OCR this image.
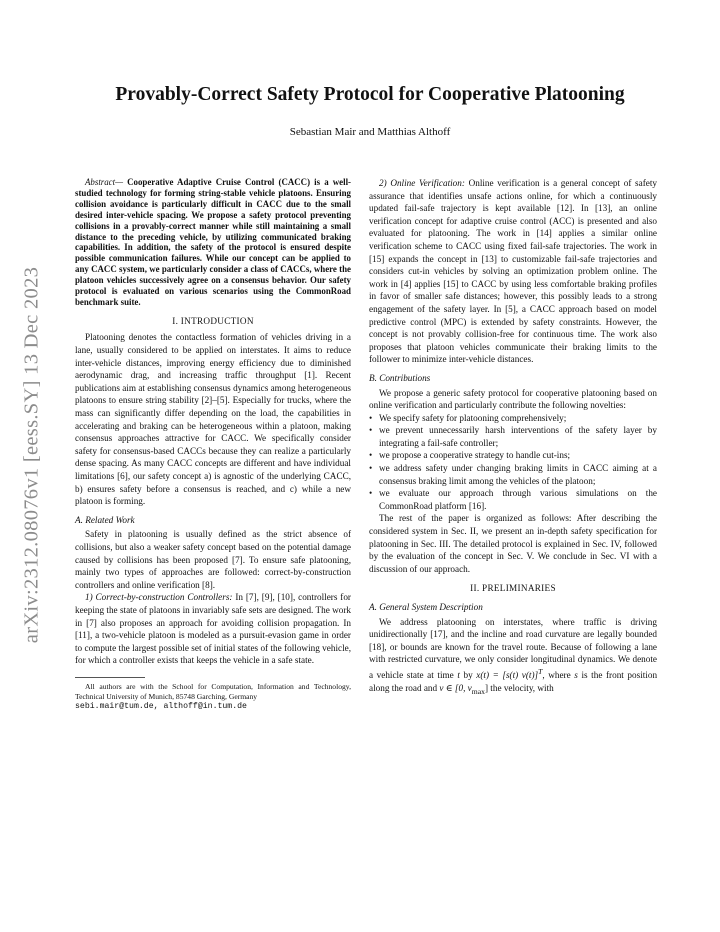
arXiv:2312.08076v1 [eess.SY] 13 Dec 2023
Provably-Correct Safety Protocol for Cooperative Platooning
Sebastian Mair and Matthias Althoff

Abstract— Cooperative Adaptive Cruise Control (CACC) is a well-studied technology for forming string-stable vehicle platoons. Ensuring collision avoidance is particularly difficult in CACC due to the small desired inter-vehicle spacing. We propose a safety protocol preventing collisions in a provably-correct manner while still maintaining a small distance to the preceding vehicle, by utilizing communicated braking capabilities. In addition, the safety of the protocol is ensured despite possible communication failures. While our concept can be applied to any CACC system, we particularly consider a class of CACCs, where the platoon vehicles successively agree on a consensus behavior. Our safety protocol is evaluated on various scenarios using the CommonRoad benchmark suite.

I. INTRODUCTION

Platooning denotes the contactless formation of vehicles driving in a lane, usually considered to be applied on interstates. It aims to reduce inter-vehicle distances, improving energy efficiency due to diminished aerodynamic drag, and increasing traffic throughput [1]. Recent publications aim at establishing consensus dynamics among heterogeneous platoons to ensure string stability [2]–[5]. Especially for trucks, where the mass can significantly differ depending on the load, the capabilities in accelerating and braking can be heterogeneous within a platoon, making consensus approaches attractive for CACC. We specifically consider safety for consensus-based CACCs because they can realize a particularly dense spacing. As many CACC concepts are different and have individual limitations [6], our safety concept a) is agnostic of the underlying CACC, b) ensures safety before a consensus is reached, and c) while a new platoon is forming.

A. Related Work

Safety in platooning is usually defined as the strict absence of collisions, but also a weaker safety concept based on the potential damage caused by collisions has been proposed [7]. To ensure safe platooning, mainly two types of approaches are followed: correct-by-construction controllers and online verification [8].

1) Correct-by-construction Controllers: In [7], [9], [10], controllers for keeping the state of platoons in invariably safe sets are designed. The work in [7] also proposes an approach for avoiding collision propagation. In [11], a two-vehicle platoon is modeled as a pursuit-evasion game in order to compute the largest possible set of initial states of the following vehicle, for which a controller exists that keeps the vehicle in a safe state.

All authors are with the School for Computation, Information and Technology, Technical University of Munich, 85748 Garching, Germany
sebi.mair@tum.de, althoff@in.tum.de

2) Online Verification: Online verification is a general concept of safety assurance that identifies unsafe actions online, for which a continuously updated fail-safe trajectory is kept available [12]. In [13], an online verification concept for adaptive cruise control (ACC) is presented and also evaluated for platooning. The work in [14] applies a similar online verification scheme to CACC using fixed fail-safe trajectories. The work in [15] expands the concept in [13] to customizable fail-safe trajectories and considers cut-in vehicles by solving an optimization problem online. The work in [4] applies [15] to CACC by using less comfortable braking profiles in favor of smaller safe distances; however, this possibly leads to a strong engagement of the safety layer. In [5], a CACC approach based on model predictive control (MPC) is extended by safety constraints. However, the concept is not provably collision-free for continuous time. The work also proposes that platoon vehicles communicate their braking limits to the follower to minimize inter-vehicle distances.

B. Contributions

We propose a generic safety protocol for cooperative platooning based on online verification and particularly contribute the following novelties:

• We specify safety for platooning comprehensively;
• we prevent unnecessarily harsh interventions of the safety layer by integrating a fail-safe controller;
• we propose a cooperative strategy to handle cut-ins;
• we address safety under changing braking limits in CACC aiming at a consensus braking limit among the vehicles of the platoon;
• we evaluate our approach through various simulations on the CommonRoad platform [16].

The rest of the paper is organized as follows: After describing the considered system in Sec. II, we present an in-depth safety specification for platooning in Sec. III. The detailed protocol is explained in Sec. IV, followed by the evaluation of the concept in Sec. V. We conclude in Sec. VI with a discussion of our approach.

II. PRELIMINARIES
A. General System Description

We address platooning on interstates, where traffic is driving unidirectionally [17], and the incline and road curvature are legally bounded [18], or bounds are known for the travel route. Because of following a lane with restricted curvature, we only consider longitudinal dynamics. We denote a vehicle state at time t by x(t) = [s(t) v(t)]$^T$, where s is the front position along the road and v ∈ [0, $v_{max}$] the velocity, with
